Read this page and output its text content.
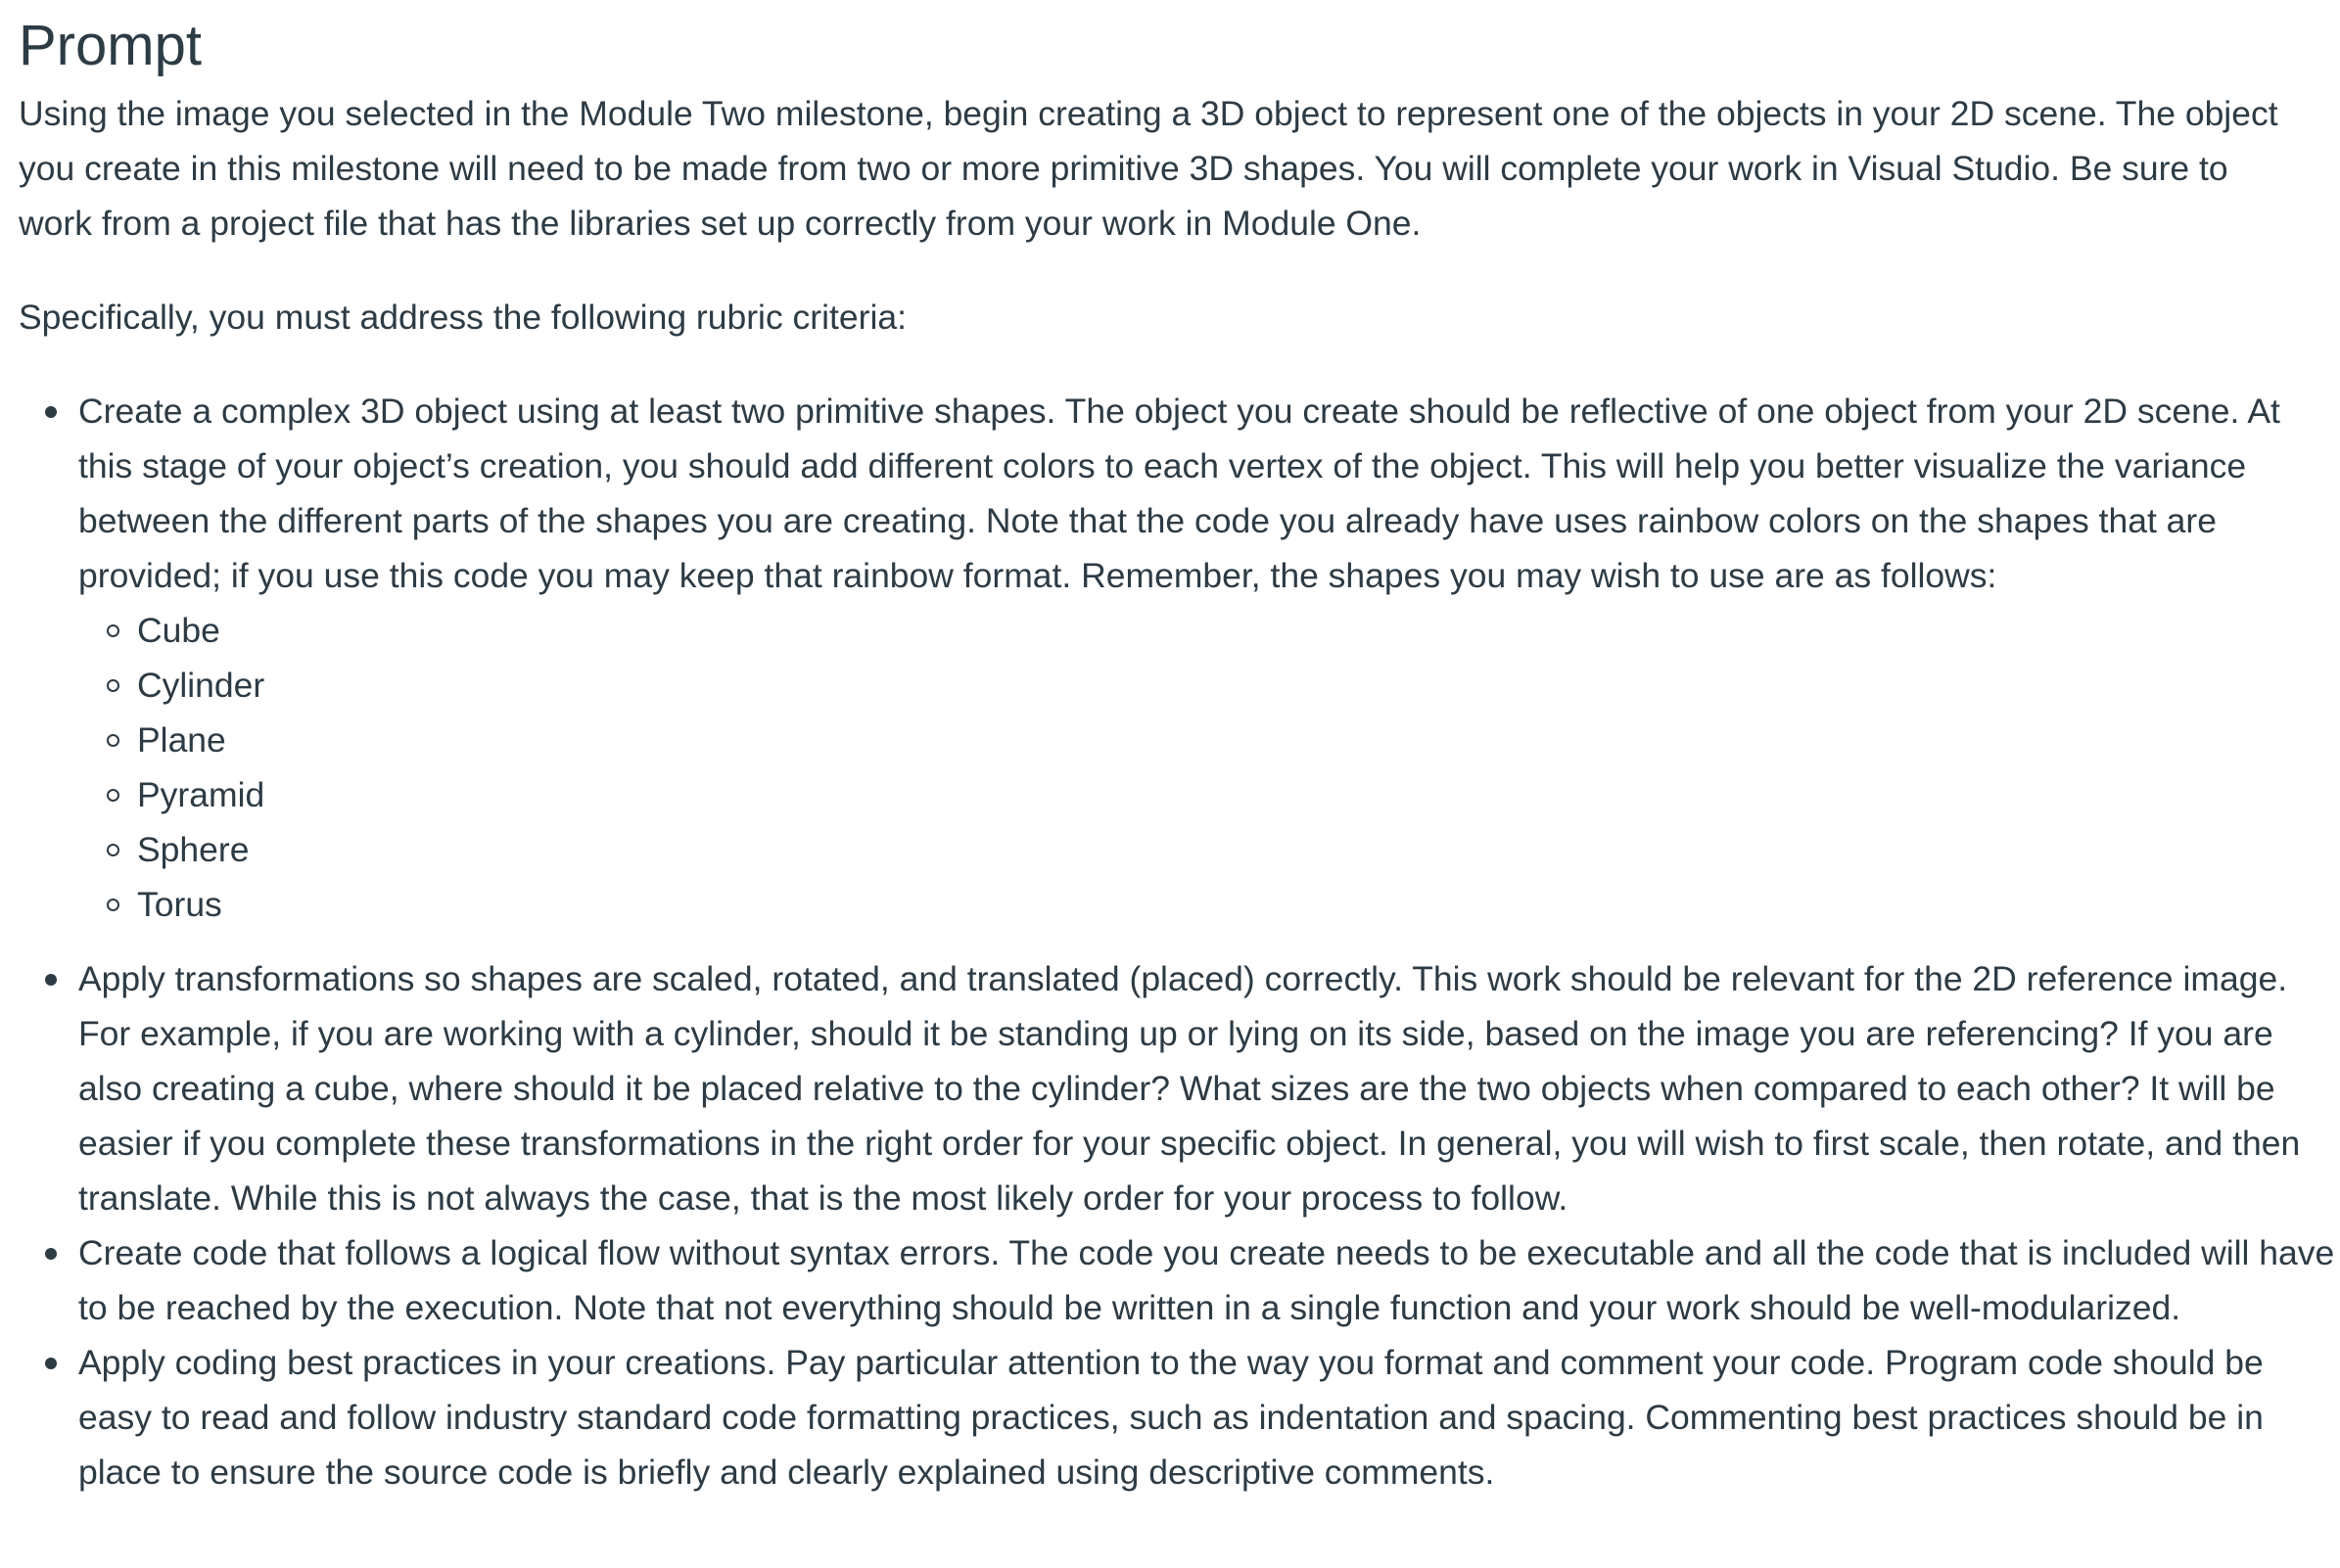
Prompt

Using the image you selected in the Module Two milestone, begin creating a 3D object to represent one of the objects in your 2D scene. The object you create in this milestone will need to be made from two or more primitive 3D shapes. You will complete your work in Visual Studio. Be sure to work from a project file that has the libraries set up correctly from your work in Module One.

Specifically, you must address the following rubric criteria:

Create a complex 3D object using at least two primitive shapes. The object you create should be reflective of one object from your 2D scene. At this stage of your object’s creation, you should add different colors to each vertex of the object. This will help you better visualize the variance between the different parts of the shapes you are creating. Note that the code you already have uses rainbow colors on the shapes that are provided; if you use this code you may keep that rainbow format. Remember, the shapes you may wish to use are as follows:
Cube
Cylinder
Plane
Pyramid
Sphere
Torus
Apply transformations so shapes are scaled, rotated, and translated (placed) correctly. This work should be relevant for the 2D reference image. For example, if you are working with a cylinder, should it be standing up or lying on its side, based on the image you are referencing? If you are also creating a cube, where should it be placed relative to the cylinder? What sizes are the two objects when compared to each other? It will be easier if you complete these transformations in the right order for your specific object. In general, you will wish to first scale, then rotate, and then translate. While this is not always the case, that is the most likely order for your process to follow.
Create code that follows a logical flow without syntax errors. The code you create needs to be executable and all the code that is included will have to be reached by the execution. Note that not everything should be written in a single function and your work should be well-modularized.
Apply coding best practices in your creations. Pay particular attention to the way you format and comment your code. Program code should be easy to read and follow industry standard code formatting practices, such as indentation and spacing. Commenting best practices should be in place to ensure the source code is briefly and clearly explained using descriptive comments.
